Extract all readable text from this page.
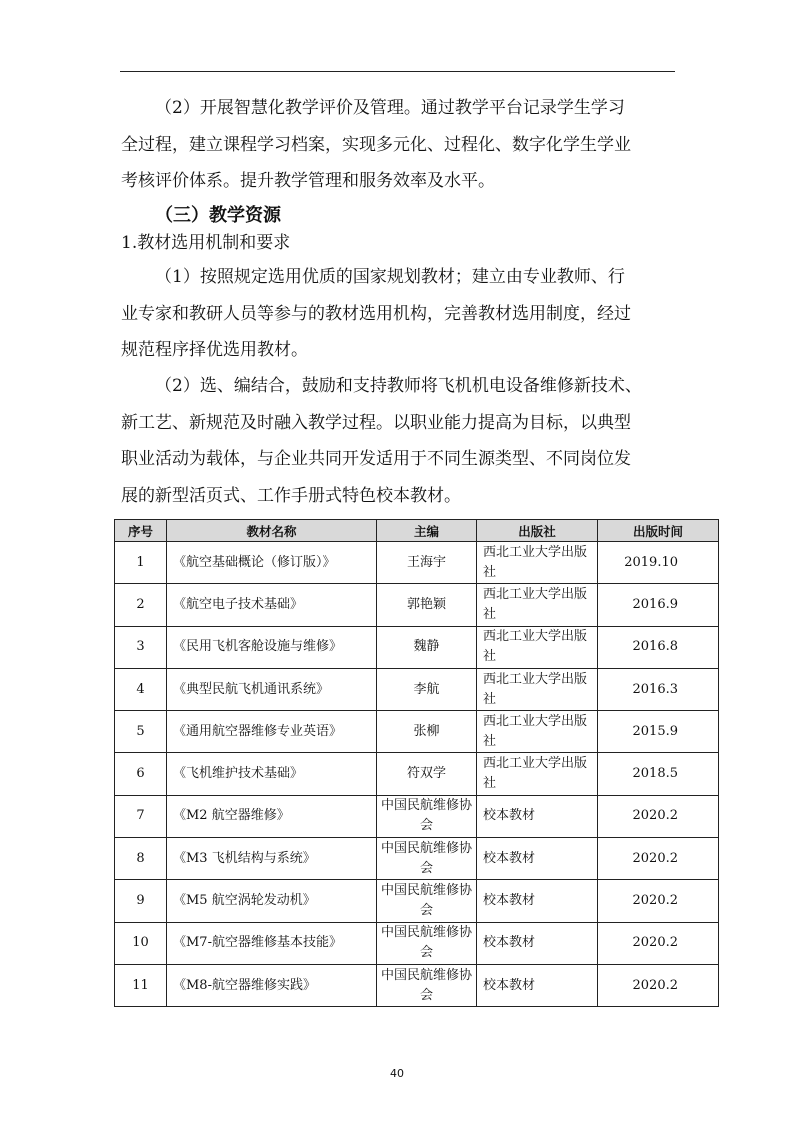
（2）开展智慧化教学评价及管理。通过教学平台记录学生学习
全过程，建立课程学习档案，实现多元化、过程化、数字化学生学业
考核评价体系。提升教学管理和服务效率及水平。
（三）教学资源

1.教材选用机制和要求

（1）按照规定选用优质的国家规划教材；建立由专业教师、行
业专家和教研人员等参与的教材选用机构，完善教材选用制度，经过
规范程序择优选用教材。
（2）选、编结合，鼓励和支持教师将飞机机电设备维修新技术、
新工艺、新规范及时融入教学过程。以职业能力提高为目标，以典型
职业活动为载体，与企业共同开发适用于不同生源类型、不同岗位发
展的新型活页式、工作手册式特色校本教材。
序号	教材名称	主编	出版社	出版时间
1	《航空基础概论（修订版）》	王海宇	西北工业大学出版社	2019.10
2	《航空电子技术基础》	郭艳颖	西北工业大学出版社	2016.9
3	《民用飞机客舱设施与维修》	魏静	西北工业大学出版社	2016.8
4	《典型民航飞机通讯系统》	李航	西北工业大学出版社	2016.3
5	《通用航空器维修专业英语》	张柳	西北工业大学出版社	2015.9
6	《飞机维护技术基础》	符双学	西北工业大学出版社	2018.5
7	《M2 航空器维修》	中国民航维修协会	校本教材	2020.2
8	《M3 飞机结构与系统》	中国民航维修协会	校本教材	2020.2
9	《M5 航空涡轮发动机》	中国民航维修协会	校本教材	2020.2
10	《M7-航空器维修基本技能》	中国民航维修协会	校本教材	2020.2
11	《M8-航空器维修实践》	中国民航维修协会	校本教材	2020.2
40
